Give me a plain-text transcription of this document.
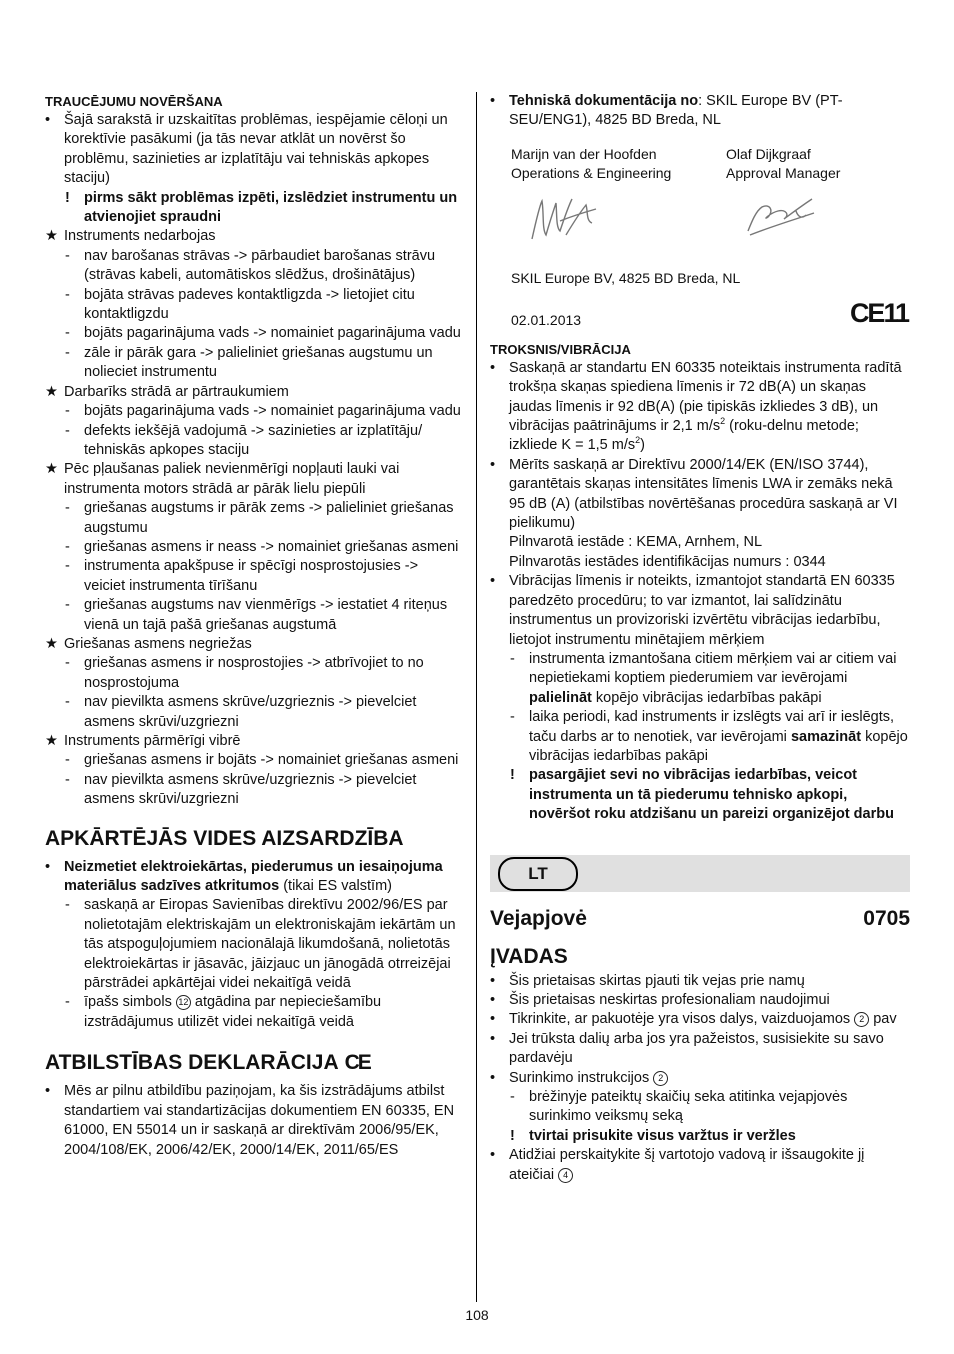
TRAUCĒJUMU NOVĒRŠANA
• Šajā sarakstā ir uzskaitītas problēmas, iespējamie cēloņi un korektīvie pasākumi (ja tās nevar atklāt un novērst šo problēmu, sazinieties ar izplatītāju vai tehniskās apkopes staciju)
! pirms sākt problēmas izpēti, izslēdziet instrumentu un atvienojiet spraudni
★ Instruments nedarbojas
- nav barošanas strāvas -> pārbaudiet barošanas strāvu (strāvas kabeli, automātiskos slēdžus, drošinātājus)
- bojāta strāvas padeves kontaktligzda -> lietojiet citu kontaktligzdu
- bojāts pagarinājuma vads -> nomainiet pagarinājuma vadu
- zāle ir pārāk gara -> palieliniet griešanas augstumu un nolieciet instrumentu
★ Darbarīks strādā ar pārtraukumiem
- bojāts pagarinājuma vads -> nomainiet pagarinājuma vadu
- defekts iekšējā vadojumā -> sazinieties ar izplatītāju/ tehniskās apkopes staciju
★ Pēc pļaušanas paliek nevienmērīgi nopļauti lauki vai instrumenta motors strādā ar pārāk lielu piepūli
- griešanas augstums ir pārāk zems -> palieliniet griešanas augstumu
- griešanas asmens ir neass -> nomainiet griešanas asmeni
- instrumenta apakšpuse ir spēcīgi nosprostojusies -> veiciet instrumenta tīrīšanu
- griešanas augstums nav vienmērīgs -> iestatiet 4 riteņus vienā un tajā pašā griešanas augstumā
★ Griešanas asmens negriežas
- griešanas asmens ir nosprostojies -> atbrīvojiet to no nosprostojuma
- nav pievilkta asmens skrūve/uzgrieznis -> pievelciet asmens skrūvi/uzgriezni
★ Instruments pārmērīgi vibrē
- griešanas asmens ir bojāts -> nomainiet griešanas asmeni
- nav pievilkta asmens skrūve/uzgrieznis -> pievelciet asmens skrūvi/uzgriezni
APKĀRTĒJĀS VIDES AIZSARDZĪBA
• Neizmetiet elektroiekārtas, piederumus un iesaiņojuma materiālus sadzīves atkritumos (tikai ES valstīm)
- saskaņā ar Eiropas Savienības direktīvu 2002/96/ES par nolietotajām elektriskajām un elektroniskajām iekārtām un tās atspoguļojumiem nacionālajā likumdošanā, nolietotās elektroiekārtas ir jāsavāc, jāizjauc un jānogādā otrreizējai pārstrādei apkārtējai videi nekaitīgā veidā
- īpašs simbols 12 atgādina par nepieciešamību izstrādājumus utilizēt videi nekaitīgā veidā
ATBILSTĪBAS DEKLARĀCIJA CE
• Mēs ar pilnu atbildību paziņojam, ka šis izstrādājums atbilst standartiem vai standartizācijas dokumentiem EN 60335, EN 61000, EN 55014 un ir saskaņā ar direktīvām 2006/95/EK, 2004/108/EK, 2006/42/EK, 2000/14/EK, 2011/65/ES
• Tehniskā dokumentācija no: SKIL Europe BV (PT-SEU/ENG1), 4825 BD Breda, NL
Marijn van der Hoofden
Operations & Engineering
Olaf Dijkgraaf
Approval Manager
SKIL Europe BV, 4825 BD Breda, NL
02.01.2013	CE11
TROKSNIS/VIBRĀCIJA
• Saskaņā ar standartu EN 60335 noteiktais instrumenta radītā trokšņa skaņas spiediena līmenis ir 72 dB(A) un skaņas jaudas līmenis ir 92 dB(A) (pie tipiskās izkliedes 3 dB), un vibrācijas paātrinājums ir 2,1 $m/s^2$ (roku-delnu metode; izkliede K = 1,5 $m/s^2$)
• Mērīts saskaņā ar Direktīvu 2000/14/EK (EN/ISO 3744), garantētais skaņas intensitātes līmenis LWA ir zemāks nekā 95 dB (A) (atbilstības novērtēšanas procedūra saskaņā ar VI pielikumu)
Pilnvarotā iestāde : KEMA, Arnhem, NL
Pilnvarotās iestādes identifikācijas numurs : 0344
• Vibrācijas līmenis ir noteikts, izmantojot standartā EN 60335 paredzēto procedūru; to var izmantot, lai salīdzinātu instrumentus un provizoriski izvērtētu vibrācijas iedarbību, lietojot instrumentu minētajiem mērķiem
- instrumenta izmantošana citiem mērķiem vai ar citiem vai nepietiekami koptiem piederumiem var ievērojami palielināt kopējo vibrācijas iedarbības pakāpi
- laika periodi, kad instruments ir izslēgts vai arī ir ieslēgts, taču darbs ar to nenotiek, var ievērojami samazināt kopējo vibrācijas iedarbības pakāpi
! pasargājiet sevi no vibrācijas iedarbības, veicot instrumenta un tā piederumu tehnisko apkopi, novēršot roku atdzišanu un pareizi organizējot darbu
LT
Vejapjovė	0705
ĮVADAS
• Šis prietaisas skirtas pjauti tik vejas prie namų
• Šis prietaisas neskirtas profesionaliam naudojimui
• Tikrinkite, ar pakuotėje yra visos dalys, vaizduojamos 2 pav
• Jei trūksta dalių arba jos yra pažeistos, susisiekite su savo pardavėju
• Surinkimo instrukcijos 2
- brėžinyje pateiktų skaičių seka atitinka vejapjovės surinkimo veiksmų seką
! tvirtai prisukite visus varžtus ir veržles
• Atidžiai perskaitykite šį vartotojo vadovą ir išsaugokite jį ateičiai 4
108
